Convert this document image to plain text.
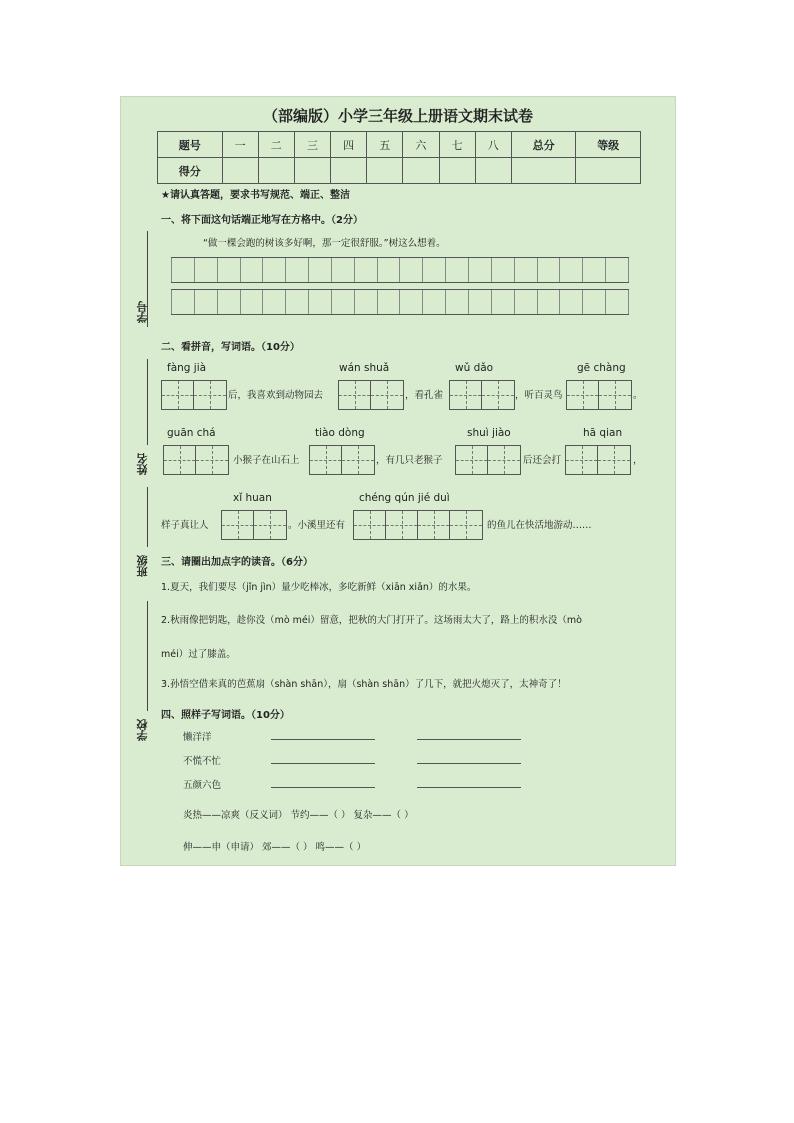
（部编版）小学三年级上册语文期末试卷
题号	一	二	三	四	五	六	七	八	总分	等级
得分										
★请认真答题，要求书写规范、端正、整洁
学号
姓名
班级
学校
一、将下面这句话端正地写在方格中。（2分）
“做一棵会跑的树该多好啊，那一定很舒服。”树这么想着。
二、看拼音，写词语。（10分）
fàng jià	wán shuǎ	wǔ dǎo	gē chàng
后，我喜欢到动物园去	，看孔雀	，听百灵鸟	。
guān chá	tiào dòng	shuì jiào	hā qian
小猴子在山石上	，有几只老猴子	后还会打	，
xǐ huan	chéng qún jié duì
样子真让人	。小溪里还有	的鱼儿在快活地游动……
三、请圈出加点字的读音。（6分）
1.夏天，我们要尽（jǐn jìn）量少吃棒冰，多吃新鲜（xiān xiǎn）的水果。
2.秋雨像把钥匙，趁你没（mò méi）留意，把秋的大门打开了。这场雨太大了，路上的积水没（mò
méi）过了膝盖。
3.孙悟空借来真的芭蕉扇（shàn shān），扇（shàn shān）了几下，就把火熄灭了，太神奇了！
四、照样子写词语。（10分）
懒洋洋
不慌不忙
五颜六色
炎热——凉爽（反义词） 节约——（ ） 复杂——（ ）
伸——申（申请） 郊——（ ） 鸣——（ ）
